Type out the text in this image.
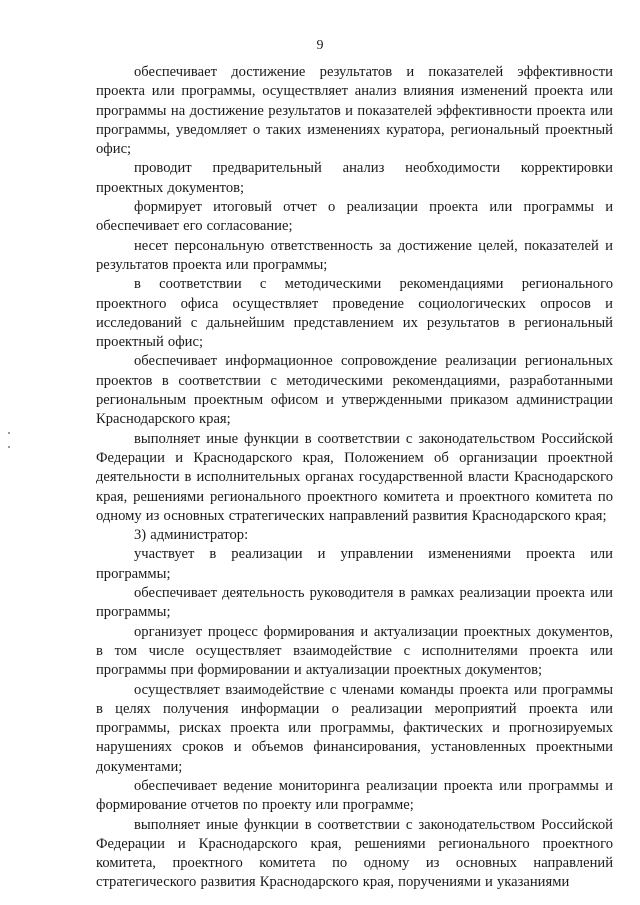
9

обеспечивает достижение результатов и показателей эффективности проекта или программы, осуществляет анализ влияния изменений проекта или программы на достижение результатов и показателей эффективности проекта или программы, уведомляет о таких изменениях куратора, региональный проектный офис;

проводит предварительный анализ необходимости корректировки проектных документов;

формирует итоговый отчет о реализации проекта или программы и обеспечивает его согласование;

несет персональную ответственность за достижение целей, показателей и результатов проекта или программы;

в соответствии с методическими рекомендациями регионального проектного офиса осуществляет проведение социологических опросов и исследований с дальнейшим представлением их результатов в региональный проектный офис;

обеспечивает информационное сопровождение реализации региональных проектов в соответствии с методическими рекомендациями, разработанными региональным проектным офисом и утвержденными приказом администрации Краснодарского края;

выполняет иные функции в соответствии с законодательством Российской Федерации и Краснодарского края, Положением об организации проектной деятельности в исполнительных органах государственной власти Краснодарского края, решениями регионального проектного комитета и проектного комитета по одному из основных стратегических направлений развития Краснодарского края;

3) администратор:

участвует в реализации и управлении изменениями проекта или программы;

обеспечивает деятельность руководителя в рамках реализации проекта или программы;

организует процесс формирования и актуализации проектных документов, в том числе осуществляет взаимодействие с исполнителями проекта или программы при формировании и актуализации проектных документов;

осуществляет взаимодействие с членами команды проекта или программы в целях получения информации о реализации мероприятий проекта или программы, рисках проекта или программы, фактических и прогнозируемых нарушениях сроков и объемов финансирования, установленных проектными документами;

обеспечивает ведение мониторинга реализации проекта или программы и формирование отчетов по проекту или программе;

выполняет иные функции в соответствии с законодательством Российской Федерации и Краснодарского края, решениями регионального проектного комитета, проектного комитета по одному из основных направлений стратегического развития Краснодарского края, поручениями и указаниями
